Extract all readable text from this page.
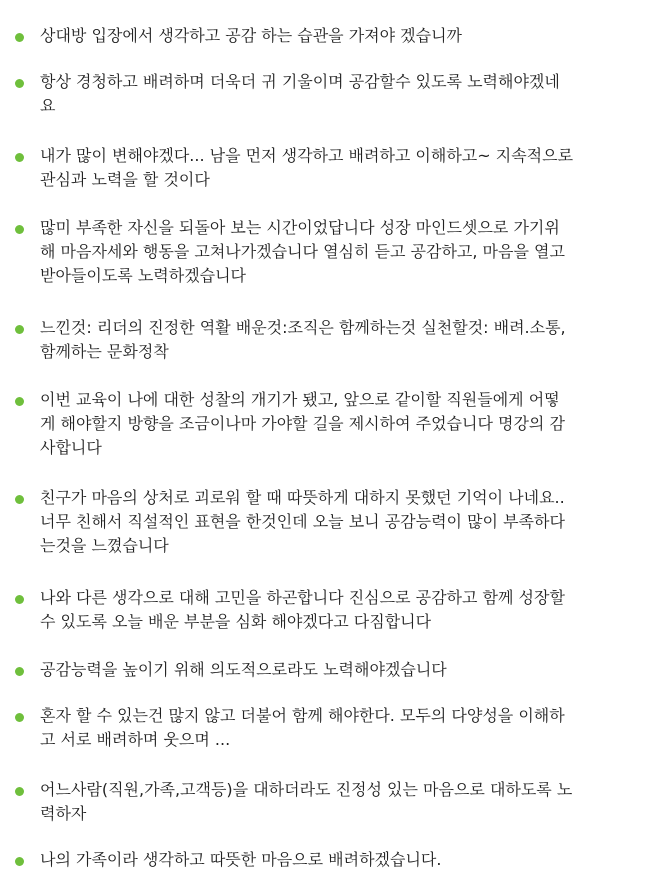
상대방 입장에서 생각하고 공감 하는 습관을 가져야 겠습니까

항상 경청하고 배려하며 더욱더 귀 기울이며 공감할수 있도록 노력해야겠네
요

내가 많이 변해야겠다... 남을 먼저 생각하고 배려하고 이해하고~ 지속적으로
관심과 노력을 할 것이다

많미 부족한 자신을 되돌아 보는 시간이었답니다 성장 마인드셋으로 가기위
해 마음자세와 행동을 고쳐나가겠습니다 열심히 듣고 공감하고, 마음을 열고
받아들이도록 노력하겠습니다

느낀것: 리더의 진정한 역활 배운것:조직은 함께하는것 실천할것: 배려.소통,
함께하는 문화정착

이번 교육이 나에 대한 성찰의 개기가 됐고, 앞으로 같이할 직원들에게 어떻
게 해야할지 방향을 조금이나마 가야할 길을 제시하여 주었습니다 명강의 감
사합니다

친구가 마음의 상처로 괴로워 할 때 따뜻하게 대하지 못했던 기억이 나네요..
너무 친해서 직설적인 표현을 한것인데 오늘 보니 공감능력이 많이 부족하다
는것을 느꼈습니다

나와 다른 생각으로 대해 고민을 하곤합니다 진심으로 공감하고 함께 성장할
수 있도록 오늘 배운 부분을 심화 해야겠다고 다짐합니다

공감능력을 높이기 위해 의도적으로라도 노력해야겠습니다

혼자 할 수 있는건 많지 않고 더불어 함께 해야한다. 모두의 다양성을 이해하
고 서로 배려하며 웃으며 ...

어느사람(직원,가족,고객등)을 대하더라도 진정성 있는 마음으로 대하도록 노
력하자

나의 가족이라 생각하고 따뜻한 마음으로 배려하겠습니다.
